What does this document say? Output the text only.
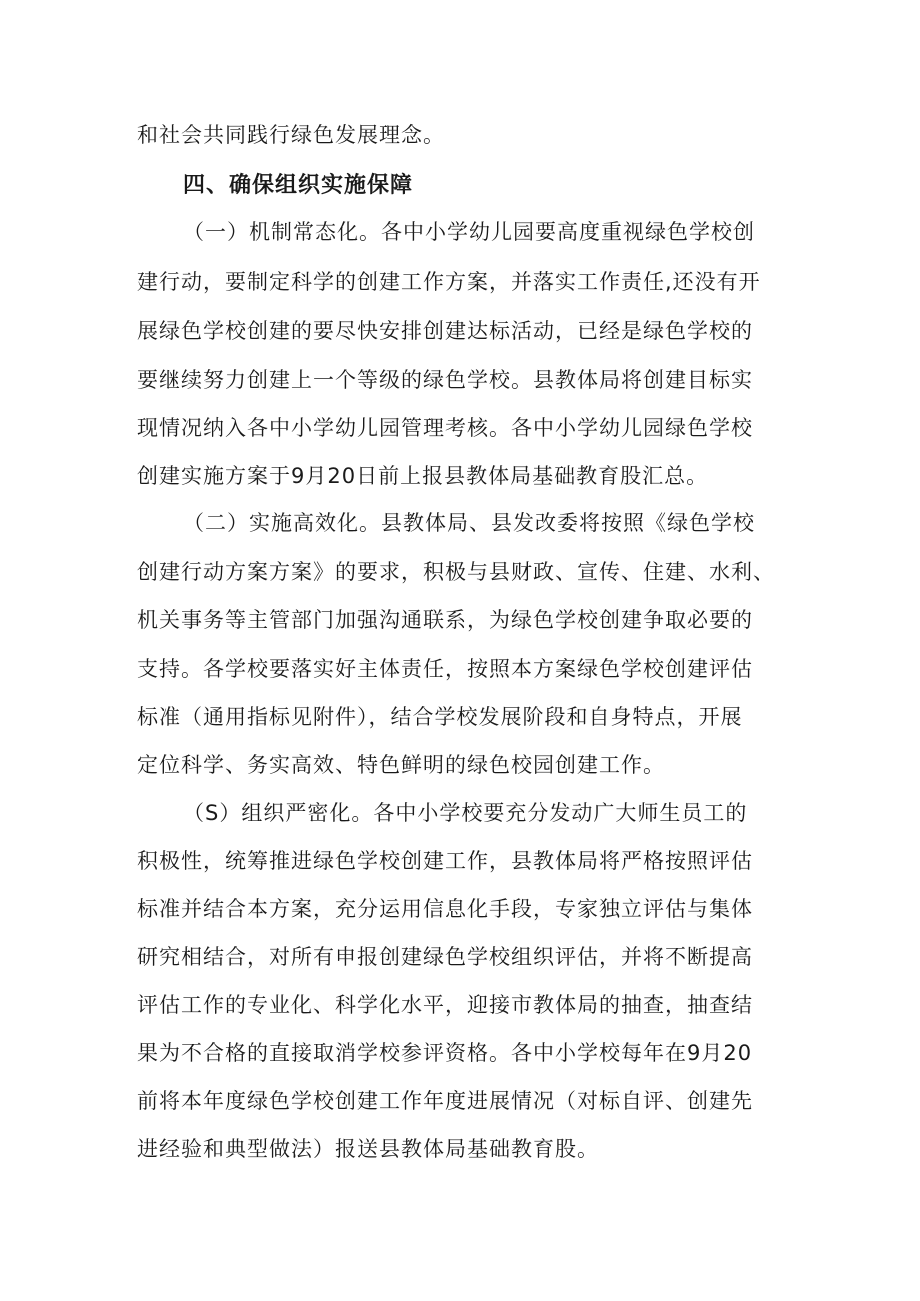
和社会共同践行绿色发展理念。
四、确保组织实施保障
（一）机制常态化。各中小学幼儿园要高度重视绿色学校创
建行动，要制定科学的创建工作方案，并落实工作责任,还没有开
展绿色学校创建的要尽快安排创建达标活动，已经是绿色学校的
要继续努力创建上一个等级的绿色学校。县教体局将创建目标实
现情况纳入各中小学幼儿园管理考核。各中小学幼儿园绿色学校
创建实施方案于9月20日前上报县教体局基础教育股汇总。
（二）实施高效化。县教体局、县发改委将按照《绿色学校
创建行动方案方案》的要求，积极与县财政、宣传、住建、水利、
机关事务等主管部门加强沟通联系，为绿色学校创建争取必要的
支持。各学校要落实好主体责任，按照本方案绿色学校创建评估
标准（通用指标见附件），结合学校发展阶段和自身特点，开展
定位科学、务实高效、特色鲜明的绿色校园创建工作。
（S）组织严密化。各中小学校要充分发动广大师生员工的
积极性，统筹推进绿色学校创建工作，县教体局将严格按照评估
标准并结合本方案，充分运用信息化手段，专家独立评估与集体
研究相结合，对所有申报创建绿色学校组织评估，并将不断提高
评估工作的专业化、科学化水平，迎接市教体局的抽查，抽查结
果为不合格的直接取消学校参评资格。各中小学校每年在9月20
前将本年度绿色学校创建工作年度进展情况（对标自评、创建先
进经验和典型做法）报送县教体局基础教育股。
